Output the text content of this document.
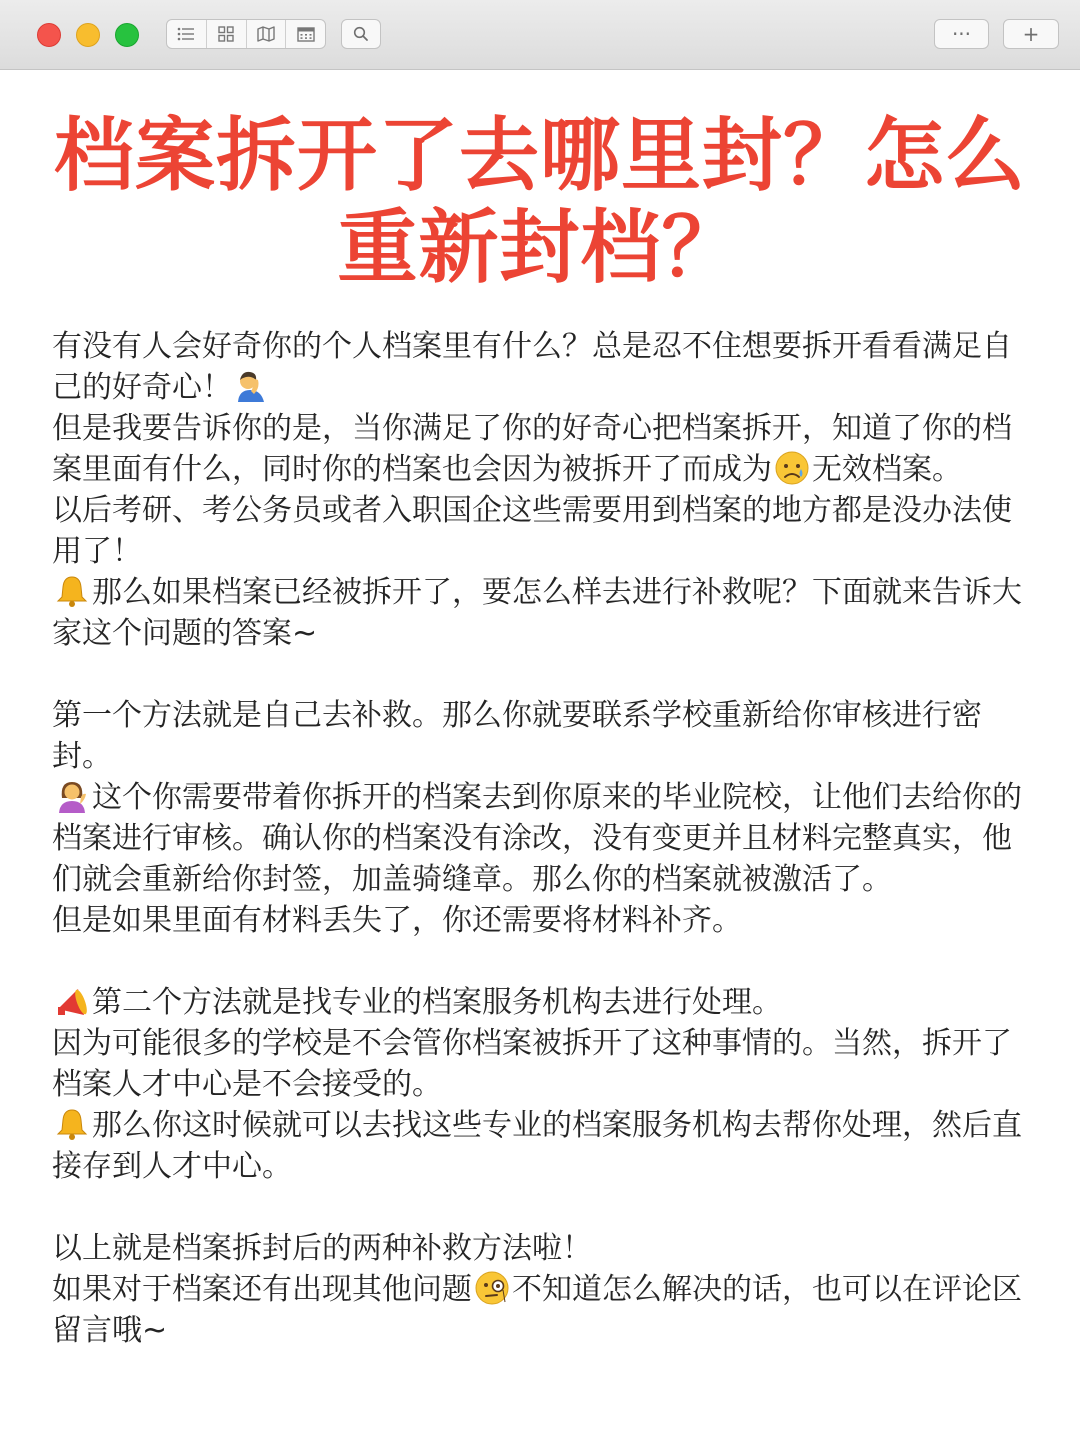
···	+
档案拆开了去哪里封？怎么
重新封档？

有没有人会好奇你的个人档案里有什么？总是忍不住想要拆开看看满足自己的好奇心！

但是我要告诉你的是，当你满足了你的好奇心把档案拆开，知道了你的档案里面有什么，同时你的档案也会因为被拆开了而成为 无效档案。

以后考研、考公务员或者入职国企这些需要用到档案的地方都是没办法使用了！

那么如果档案已经被拆开了，要怎么样去进行补救呢？下面就来告诉大家这个问题的答案~

第一个方法就是自己去补救。那么你就要联系学校重新给你审核进行密封。

这个你需要带着你拆开的档案去到你原来的毕业院校，让他们去给你的档案进行审核。确认你的档案没有涂改，没有变更并且材料完整真实，他们就会重新给你封签，加盖骑缝章。那么你的档案就被激活了。

但是如果里面有材料丢失了，你还需要将材料补齐。

第二个方法就是找专业的档案服务机构去进行处理。

因为可能很多的学校是不会管你档案被拆开了这种事情的。当然，拆开了档案人才中心是不会接受的。

那么你这时候就可以去找这些专业的档案服务机构去帮你处理，然后直接存到人才中心。

以上就是档案拆封后的两种补救方法啦！

如果对于档案还有出现其他问题 不知道怎么解决的话，也可以在评论区留言哦~
